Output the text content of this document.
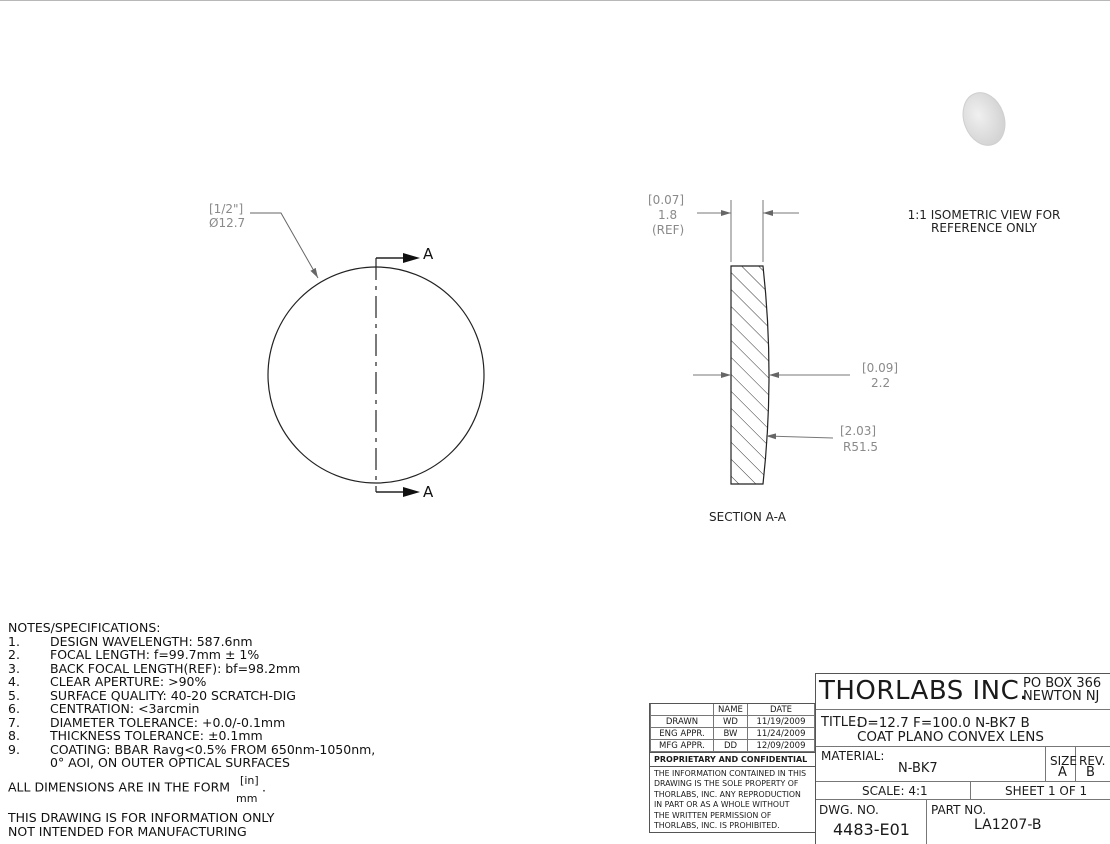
A
A
[1/2"]
Ø12.7
[0.07]
1.8
(REF)
[0.09]
2.2
[2.03]
R51.5
SECTION A-A
1:1 ISOMETRIC VIEW FOR
REFERENCE ONLY
NOTES/SPECIFICATIONS:
1.	DESIGN WAVELENGTH: 587.6nm
2.	FOCAL LENGTH: f=99.7mm ± 1%
3.	BACK FOCAL LENGTH(REF): bf=98.2mm
4.	CLEAR APERTURE: >90%
5.	SURFACE QUALITY: 40-20 SCRATCH-DIG
6.	CENTRATION: <3arcmin
7.	DIAMETER TOLERANCE: +0.0/-0.1mm
8.	THICKNESS TOLERANCE: ±0.1mm
9.	COATING: BBAR Ravg<0.5% FROM 650nm-1050nm,
0° AOI, ON OUTER OPTICAL SURFACES
ALL DIMENSIONS ARE IN THE FORM [in]
mm
.
THIS DRAWING IS FOR INFORMATION ONLY
NOT INTENDED FOR MANUFACTURING
	NAME	DATE
DRAWN	WD	11/19/2009
ENG APPR.	BW	11/24/2009
MFG APPR.	DD	12/09/2009
PROPRIETARY AND CONFIDENTIAL
THE INFORMATION CONTAINED IN THIS
DRAWING IS THE SOLE PROPERTY OF
THORLABS, INC. ANY REPRODUCTION
IN PART OR AS A WHOLE WITHOUT
THE WRITTEN PERMISSION OF
THORLABS, INC. IS PROHIBITED.
THORLABS INC.
PO BOX 366
NEWTON NJ
TITLE:
D=12.7 F=100.0 N-BK7 B
COAT PLANO CONVEX LENS
MATERIAL:
N-BK7	SIZE
A
REV.
B
SCALE: 4:1	SHEET 1 OF 1
DWG. NO.
4483-E01
PART NO.
LA1207-B
